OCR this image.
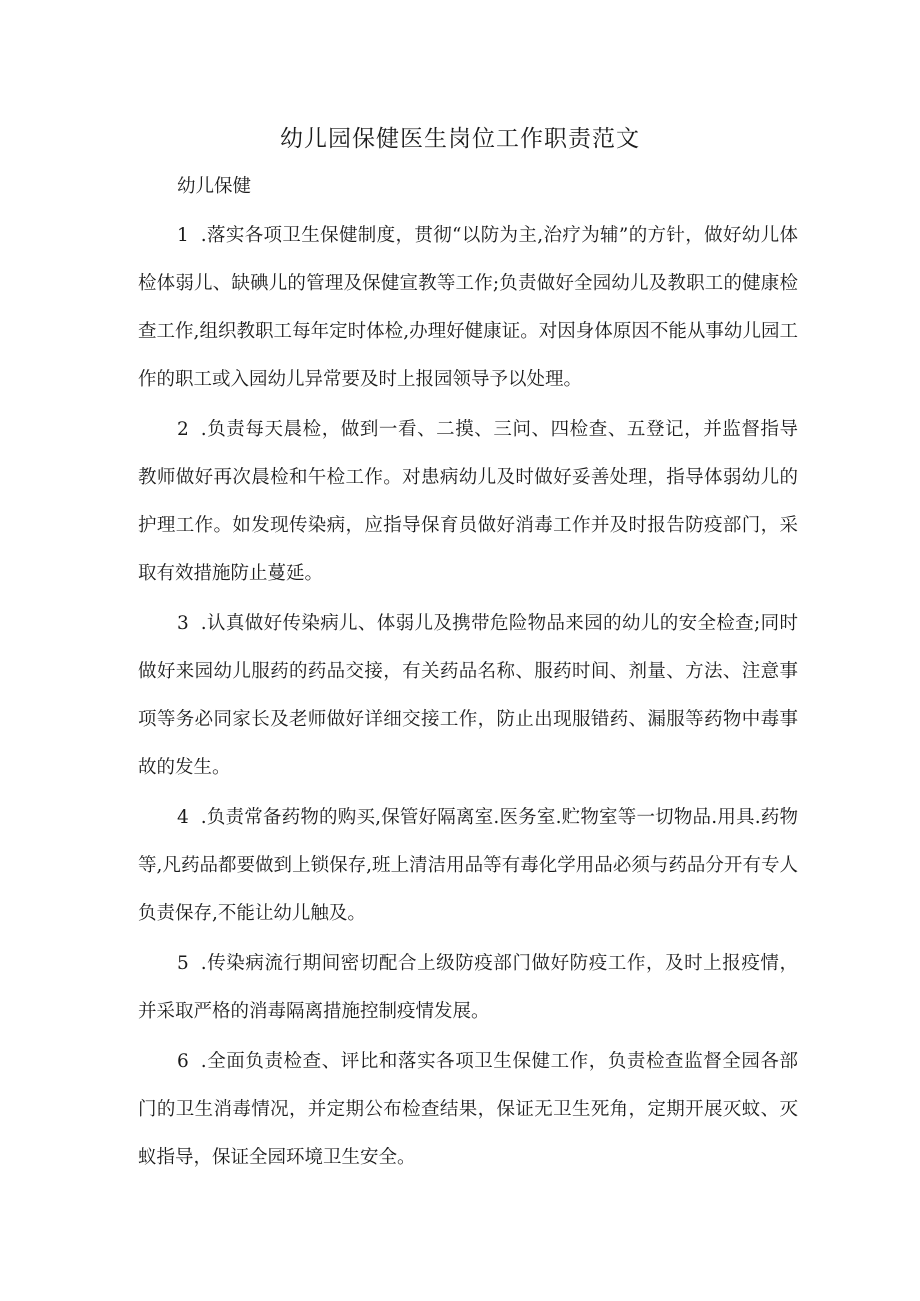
幼儿园保健医生岗位工作职责范文
幼儿保健

1 .落实各项卫生保健制度，贯彻“以防为主,治疗为辅”的方针，做好幼儿体检体弱儿、缺碘儿的管理及保健宣教等工作;负责做好全园幼儿及教职工的健康检查工作,组织教职工每年定时体检,办理好健康证。对因身体原因不能从事幼儿园工作的职工或入园幼儿异常要及时上报园领导予以处理。

2 .负责每天晨检，做到一看、二摸、三问、四检查、五登记，并监督指导教师做好再次晨检和午检工作。对患病幼儿及时做好妥善处理，指导体弱幼儿的护理工作。如发现传染病，应指导保育员做好消毒工作并及时报告防疫部门，采取有效措施防止蔓延。

3 .认真做好传染病儿、体弱儿及携带危险物品来园的幼儿的安全检查;同时做好来园幼儿服药的药品交接，有关药品名称、服药时间、剂量、方法、注意事项等务必同家长及老师做好详细交接工作，防止出现服错药、漏服等药物中毒事故的发生。

4 .负责常备药物的购买,保管好隔离室.医务室.贮物室等一切物品.用具.药物等,凡药品都要做到上锁保存,班上清洁用品等有毒化学用品必须与药品分开有专人负责保存,不能让幼儿触及。

5 .传染病流行期间密切配合上级防疫部门做好防疫工作，及时上报疫情，并采取严格的消毒隔离措施控制疫情发展。

6 .全面负责检查、评比和落实各项卫生保健工作，负责检查监督全园各部门的卫生消毒情况，并定期公布检查结果，保证无卫生死角，定期开展灭蚊、灭蚁指导，保证全园环境卫生安全。
